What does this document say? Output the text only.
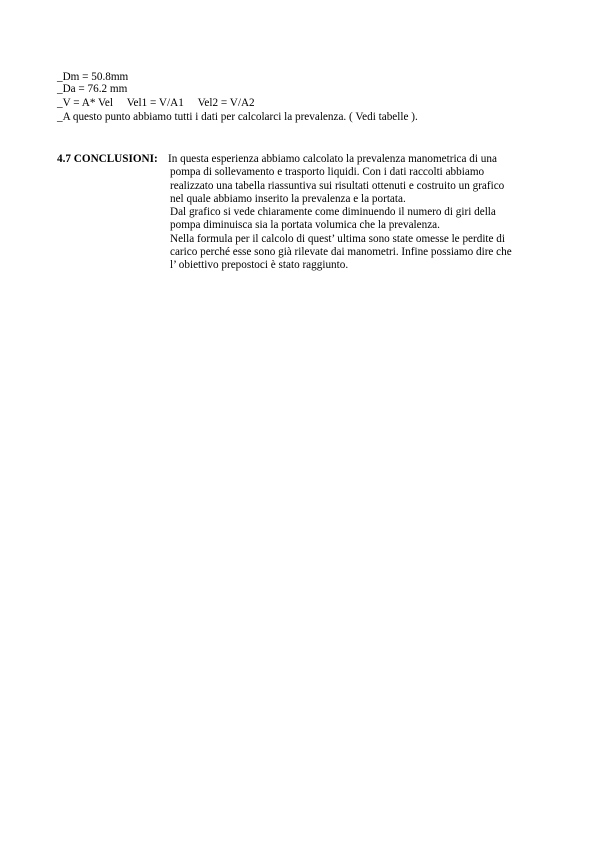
_Dm = 50.8mm
_Da = 76.2 mm
_V = A* Vel     Vel1 = V/A1     Vel2 = V/A2
_A questo punto abbiamo tutti i dati per calcolarci la prevalenza. ( Vedi tabelle ).
4.7 CONCLUSIONI: In questa esperienza abbiamo calcolato la prevalenza manometrica di una
pompa di sollevamento e trasporto liquidi. Con i dati raccolti abbiamo
realizzato una tabella riassuntiva sui risultati ottenuti e costruito un grafico
nel quale abbiamo inserito la prevalenza e la portata.
Dal grafico si vede chiaramente come diminuendo il numero di giri della
pompa diminuisca sia la portata volumica che la prevalenza.
Nella formula per il calcolo di quest’ ultima sono state omesse le perdite di
carico perché esse sono già rilevate dai manometri. Infine possiamo dire che
l’ obiettivo prepostoci è stato raggiunto.
